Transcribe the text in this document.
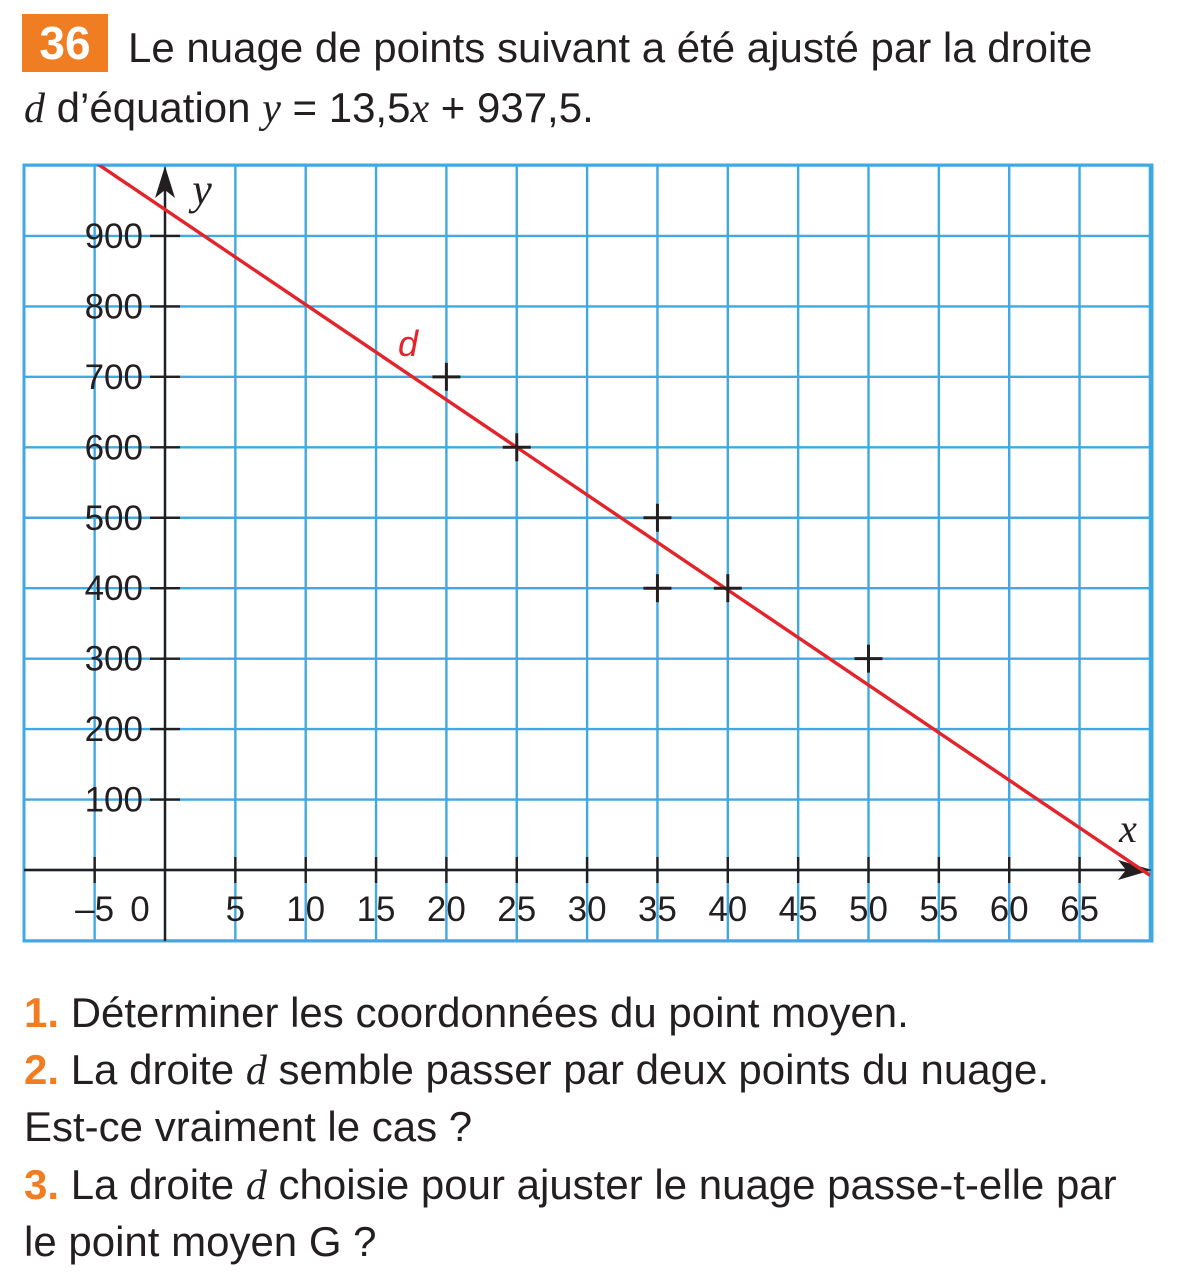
36 Le nuage de points suivant a été ajusté par la droite
d d’équation y = 13,5x + 937,5.
–5 0 5 10 15 20 25 30 35 40 45 50 55 60 65
100
200
300
400
500
600
700
800
900
x
y
d
1. Déterminer les coordonnées du point moyen.
2. La droite d semble passer par deux points du nuage.
Est-ce vraiment le cas ?
3. La droite d choisie pour ajuster le nuage passe-t-elle par
le point moyen G ?
